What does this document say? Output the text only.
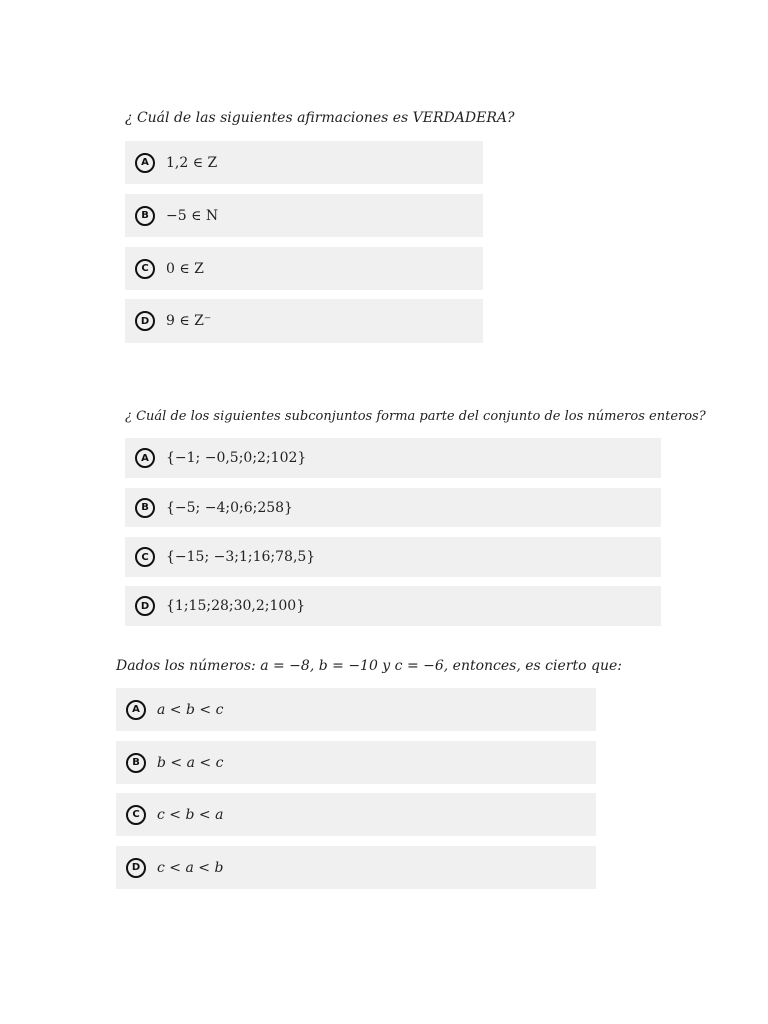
¿ Cuál de las siguientes afirmaciones es VERDADERA?

A	1,2 ∈ Z
B	−5 ∈ N
C	0 ∈ Z
D	9 ∈ Z⁻

¿ Cuál de los siguientes subconjuntos forma parte del conjunto de los números enteros?

A	{−1; −0,5;0;2;102}
B	{−5; −4;0;6;258}
C	{−15; −3;1;16;78,5}
D	{1;15;28;30,2;100}

Dados los números: a = −8, b = −10 y c = −6, entonces, es cierto que:

A	a < b < c
B	b < a < c
C	c < b < a
D	c < a < b
